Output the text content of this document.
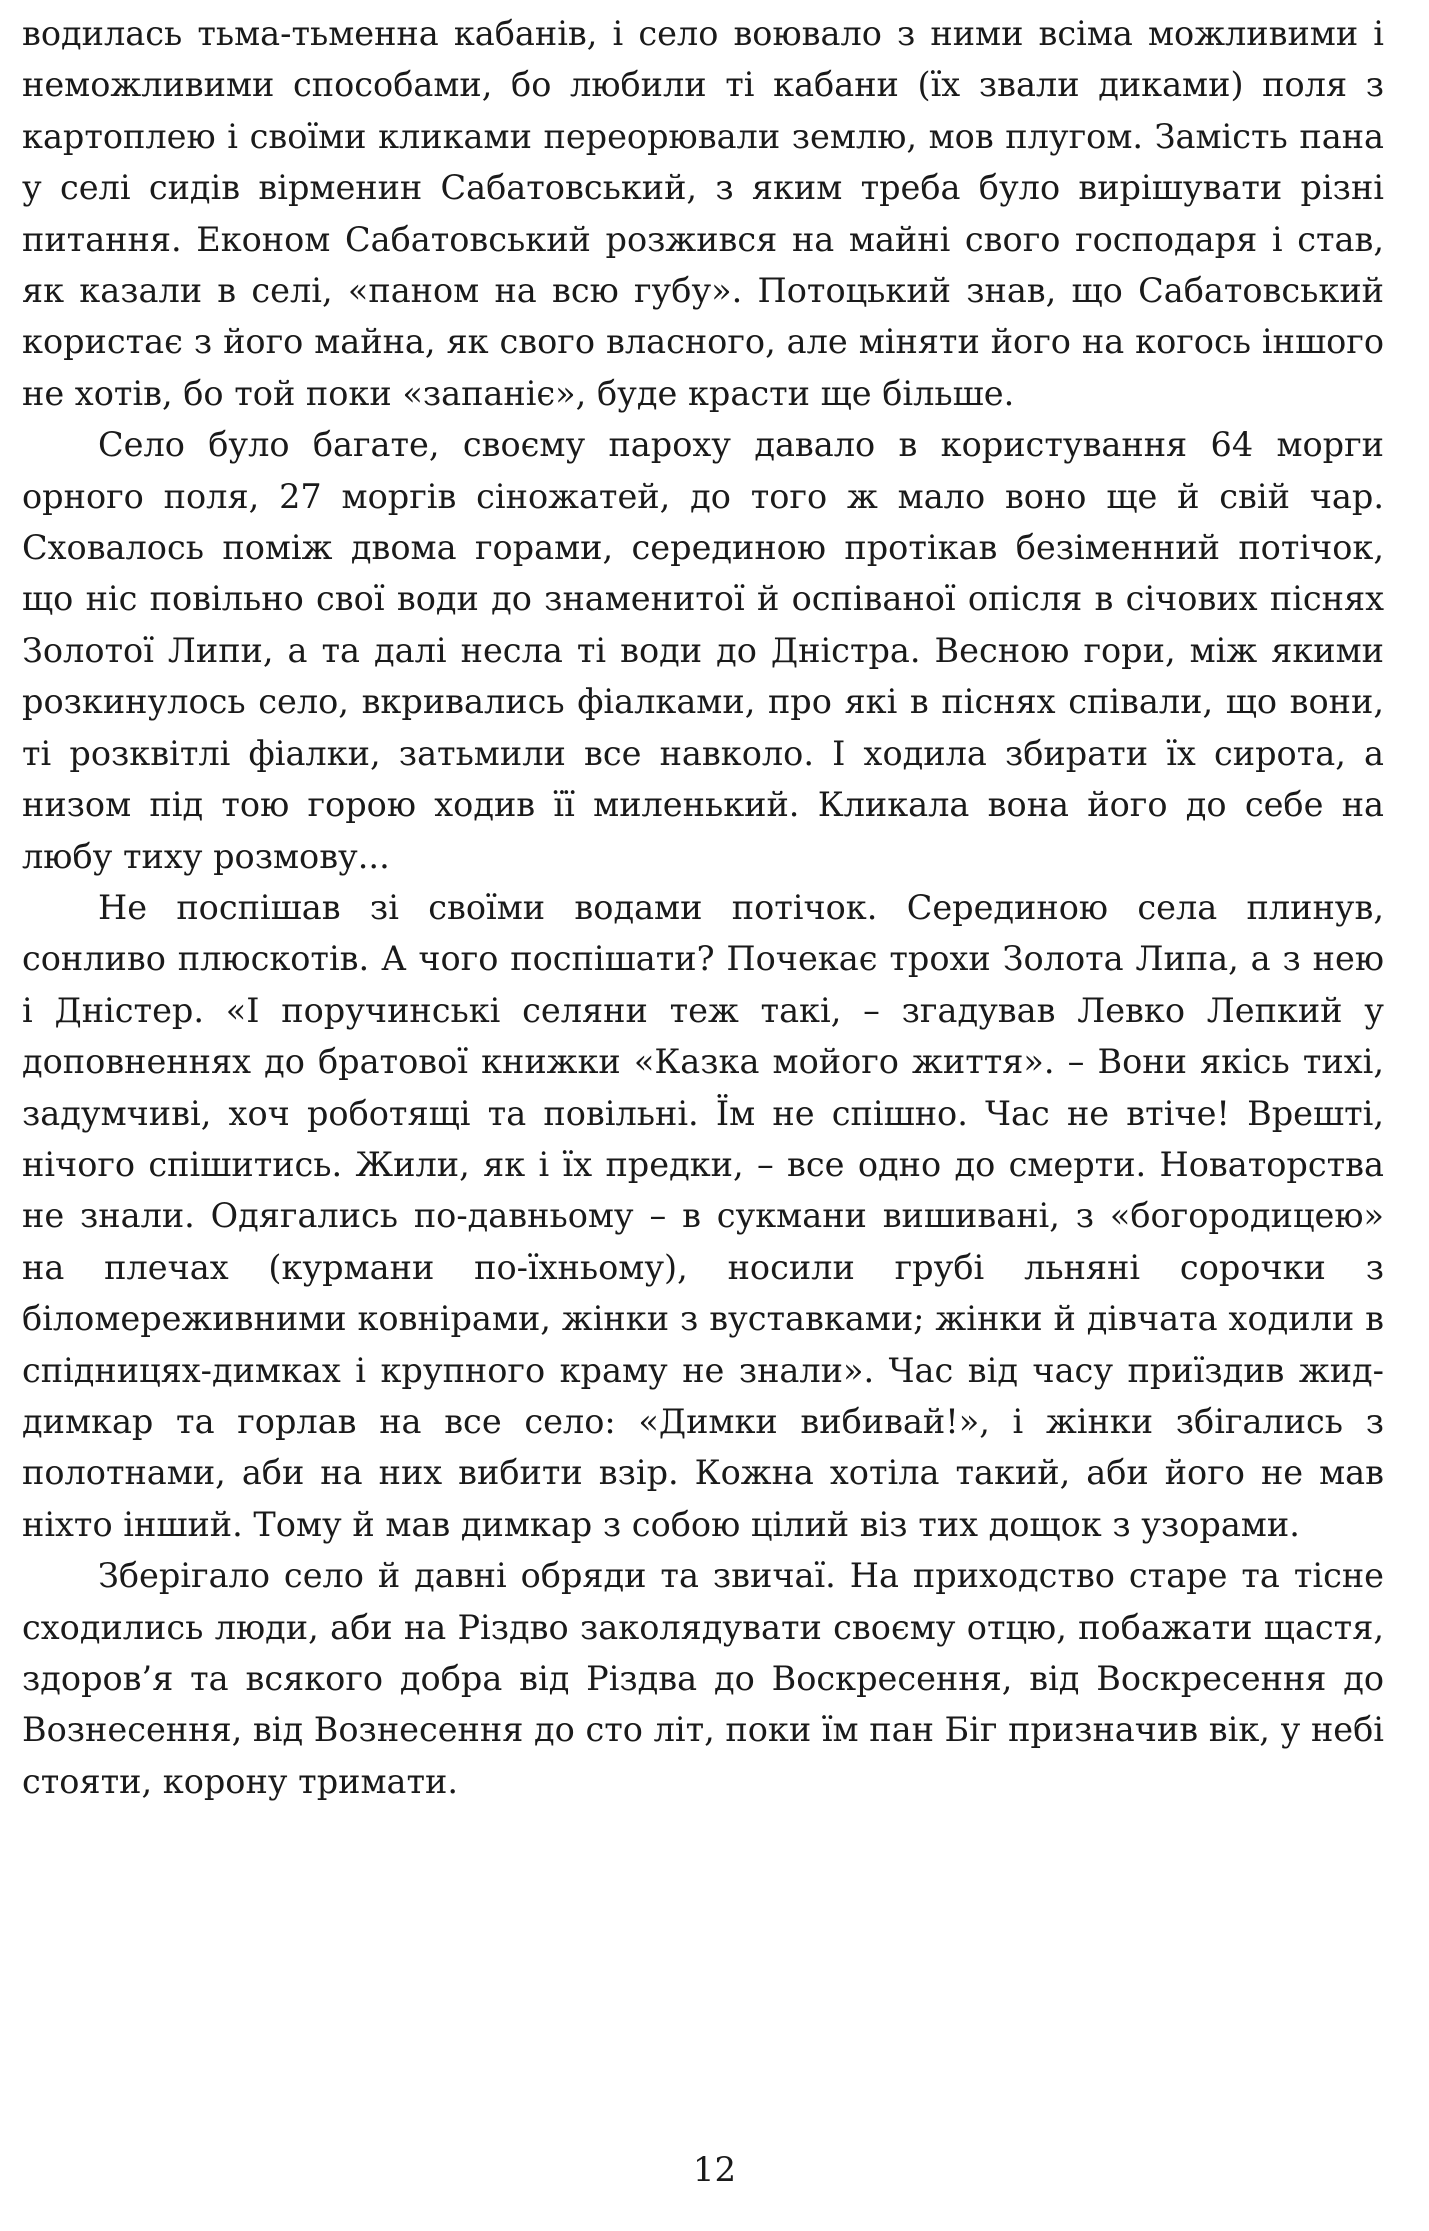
водилась тьма-тьменна кабанів, і село воювало з ними всіма можливими і неможливими способами, бо любили ті кабани (їх звали диками) поля з картоплею і своїми кликами переорювали землю, мов плугом. Замість пана у селі сидів вірменин Сабатовський, з яким треба було вирішувати різні питання. Економ Сабатовський розжився на майні свого господаря і став, як казали в селі, «паном на всю губу». Потоцький знав, що Сабатовський користає з його майна, як свого власного, але міняти його на когось іншого не хотів, бо той поки «запаніє», буде красти ще більше.

Село було багате, своєму пароху давало в користування 64 морги орного поля, 27 моргів сіножатей, до того ж мало воно ще й свій чар. Сховалось поміж двома горами, серединою протікав безіменний потічок, що ніс повільно свої води до знаменитої й оспіваної опісля в січових піснях Золотої Липи, а та далі несла ті води до Дністра. Весною гори, між якими розкинулось село, вкривались фіалками, про які в піснях співали, що вони, ті розквітлі фіалки, затьмили все навколо. І ходила збирати їх сирота, а низом під тою горою ходив її миленький. Кликала вона його до себе на любу тиху розмову...

Не поспішав зі своїми водами потічок. Серединою села плинув, сонливо плюскотів. А чого поспішати? Почекає трохи Золота Липа, а з нею і Дністер. «І поручинські селяни теж такі, – згадував Левко Лепкий у доповненнях до братової книжки «Казка мойого життя». – Вони якісь тихі, задумчиві, хоч роботящі та повільні. Їм не спішно. Час не втіче! Врешті, нічого спішитись. Жили, як і їх предки, – все одно до смерти. Новаторства не знали. Одягались по-давньому – в сукмани вишивані, з «богородицею» на плечах (курмани по-їхньому), носили грубі льняні сорочки з біломереживними ковнірами, жінки з вуставками; жінки й дівчата ходили в спідницях-димках і крупного краму не знали». Час від часу приїздив жид-димкар та горлав на все село: «Димки вибивай!», і жінки збігались з полотнами, аби на них вибити взір. Кожна хотіла такий, аби його не мав ніхто інший. Тому й мав димкар з собою цілий віз тих дощок з узорами.

Зберігало село й давні обряди та звичаї. На приходство старе та тісне сходились люди, аби на Різдво заколядувати своєму отцю, побажати щастя, здоров’я та всякого добра від Різдва до Воскресення, від Воскресення до Вознесення, від Вознесення до сто літ, поки їм пан Біг призначив вік, у небі стояти, корону тримати.

12
